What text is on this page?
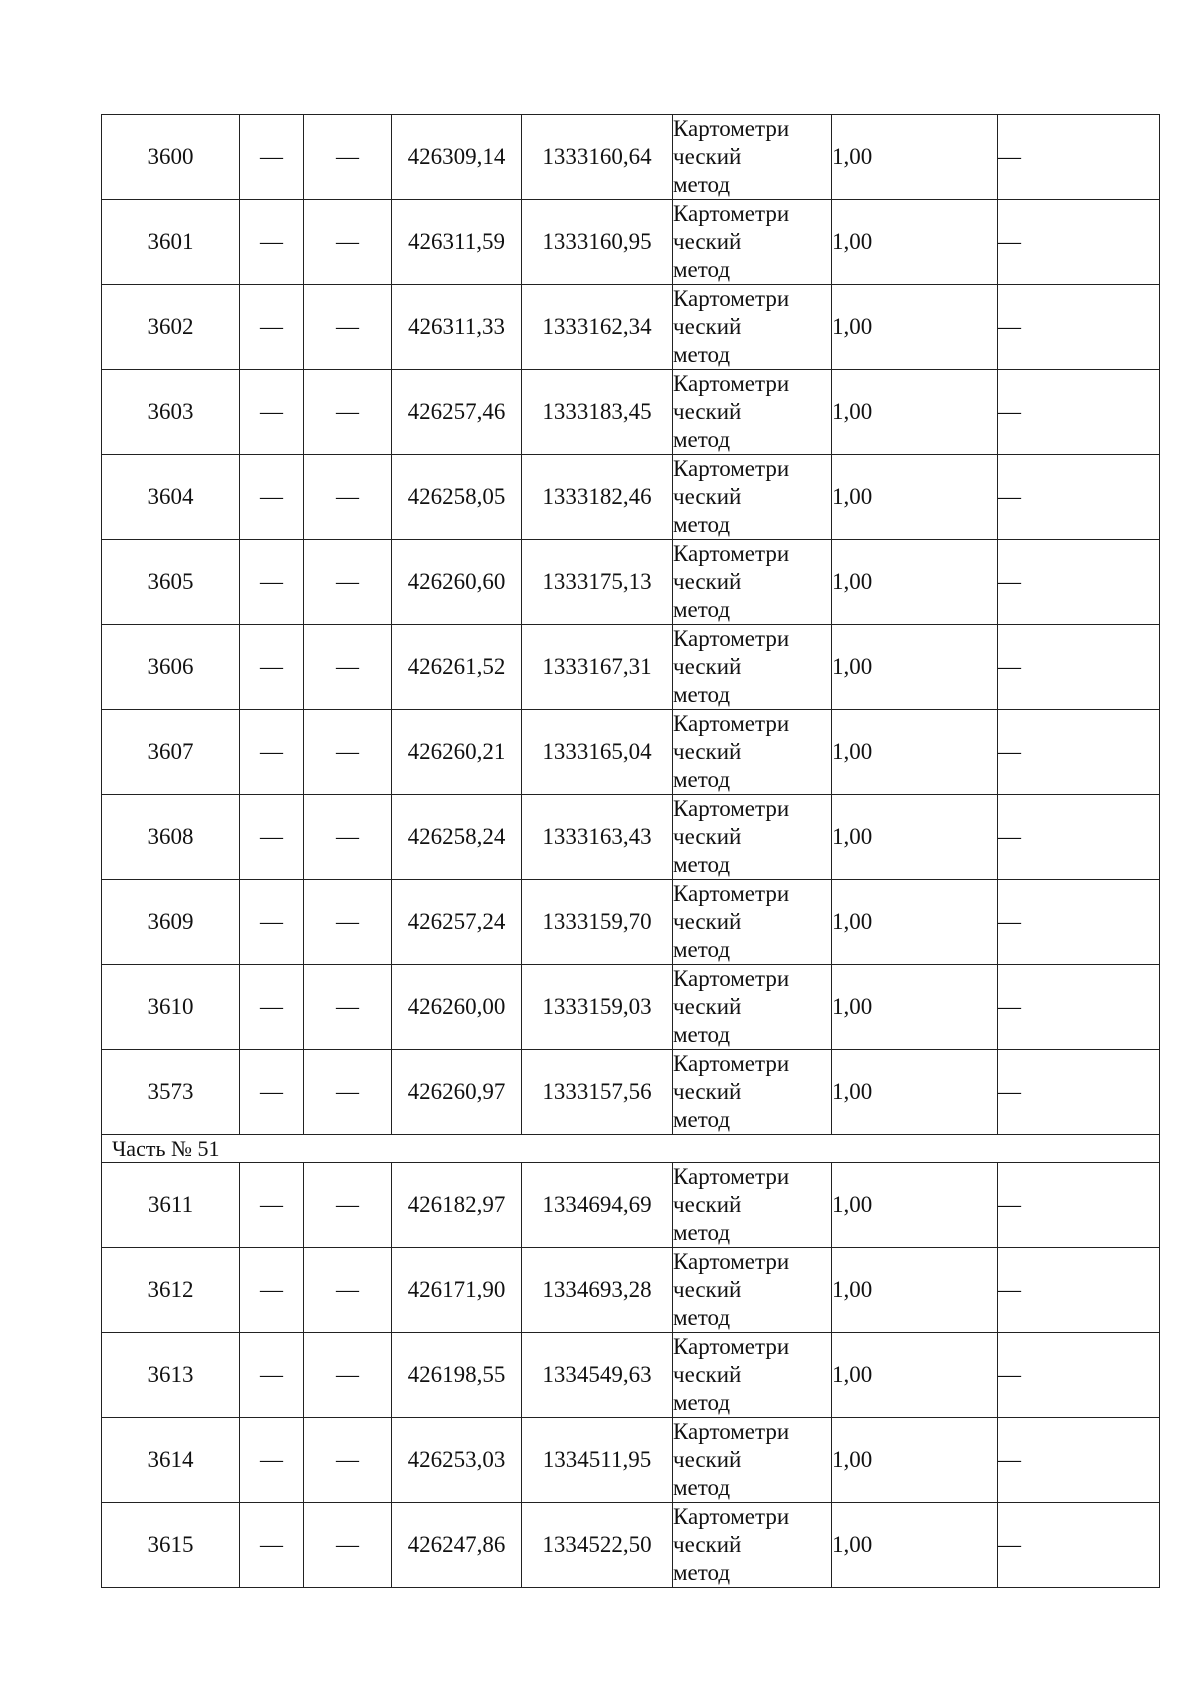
3600	—	—	426309,14	1333160,64	Картометри
ческий
метод	1,00	—
3601	—	—	426311,59	1333160,95	Картометри
ческий
метод	1,00	—
3602	—	—	426311,33	1333162,34	Картометри
ческий
метод	1,00	—
3603	—	—	426257,46	1333183,45	Картометри
ческий
метод	1,00	—
3604	—	—	426258,05	1333182,46	Картометри
ческий
метод	1,00	—
3605	—	—	426260,60	1333175,13	Картометри
ческий
метод	1,00	—
3606	—	—	426261,52	1333167,31	Картометри
ческий
метод	1,00	—
3607	—	—	426260,21	1333165,04	Картометри
ческий
метод	1,00	—
3608	—	—	426258,24	1333163,43	Картометри
ческий
метод	1,00	—
3609	—	—	426257,24	1333159,70	Картометри
ческий
метод	1,00	—
3610	—	—	426260,00	1333159,03	Картометри
ческий
метод	1,00	—
3573	—	—	426260,97	1333157,56	Картометри
ческий
метод	1,00	—
Часть № 51							
3611	—	—	426182,97	1334694,69	Картометри
ческий
метод	1,00	—
3612	—	—	426171,90	1334693,28	Картометри
ческий
метод	1,00	—
3613	—	—	426198,55	1334549,63	Картометри
ческий
метод	1,00	—
3614	—	—	426253,03	1334511,95	Картометри
ческий
метод	1,00	—
3615	—	—	426247,86	1334522,50	Картометри
ческий
метод	1,00	—
